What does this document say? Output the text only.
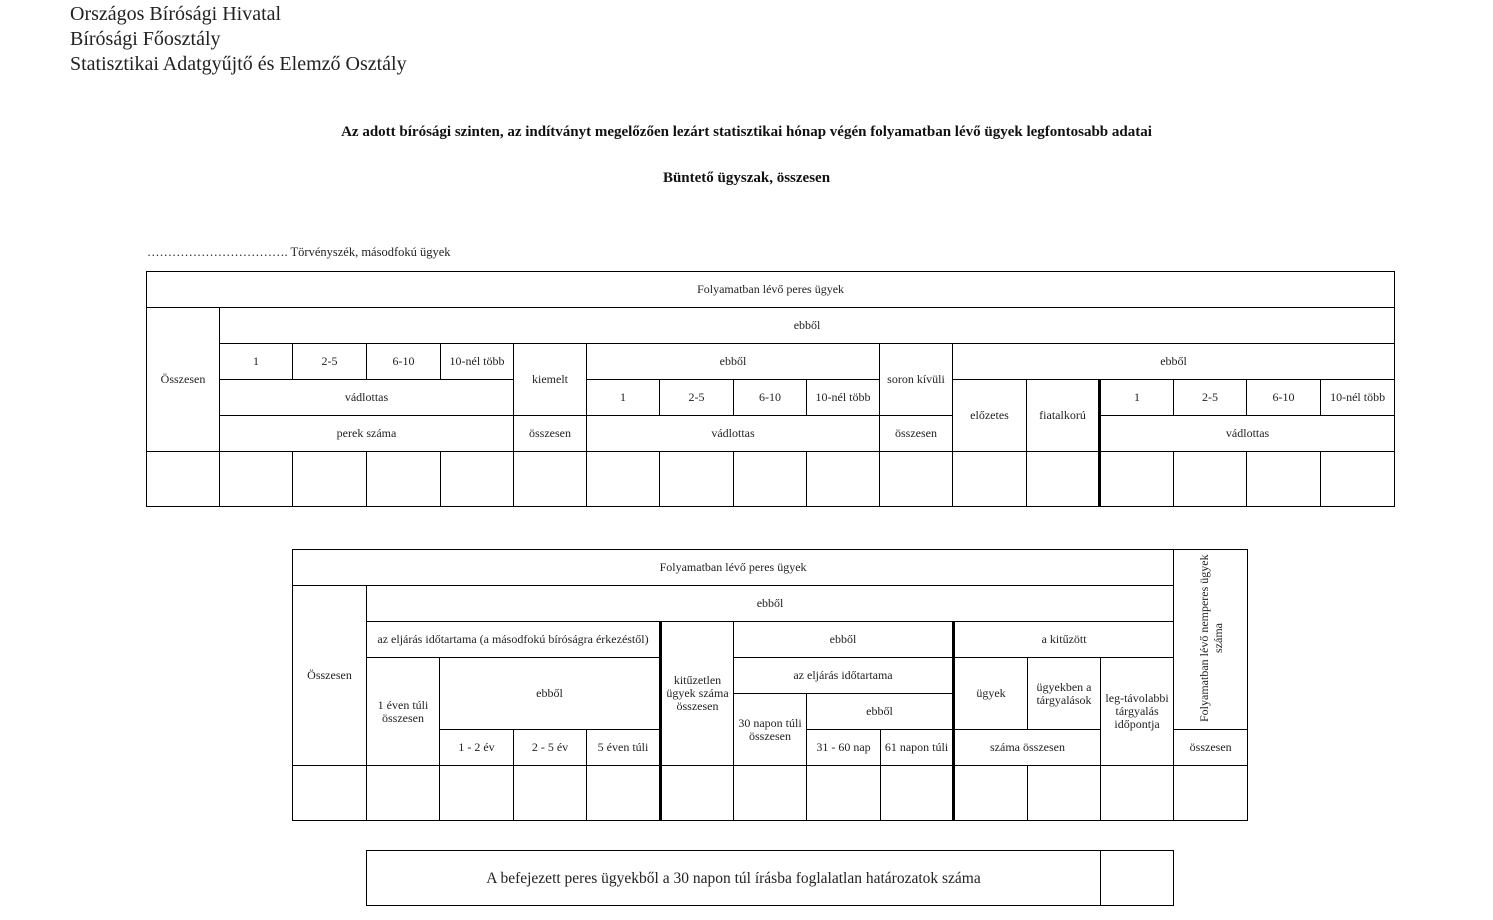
Országos Bírósági Hivatal
Bírósági Főosztály
Statisztikai Adatgyűjtő és Elemző Osztály
Az adott bírósági szinten, az indítványt megelőzően lezárt statisztikai hónap végén folyamatban lévő ügyek legfontosabb adatai
Büntető ügyszak, összesen
……………………………. Törvényszék, másodfokú ügyek
Folyamatban lévő peres ügyek																
Összesen	ebből															
	1	2-5	6-10	10-nél több	kiemelt	ebből				soron kívüli	ebből					
	vádlottas					1	2-5	6-10	10-nél több		előzetes	fiatalkorú	1	2-5	6-10	10-nél több
	perek száma				összesen	vádlottas				összesen			vádlottas			

Folyamatban lévő peres ügyek												Folyamatban lévő nemperes ügyek száma
Összesen	ebből											
	az eljárás időtartama (a másodfokú bíróságra érkezéstől)				kitűzetlen ügyek száma összesen	ebből			a kitűzött			
	1 éven túli összesen	ebből				az eljárás időtartama			ügyek	ügyekben a tárgyalások	leg-távolabbi tárgyalás időpontja	
						30 napon túli összesen	ebből					
		1 - 2 év	2 - 5 év	5 éven túli			31 - 60 nap	61 napon túli	száma összesen			összesen

A befejezett peres ügyekből a 30 napon túl írásba foglalatlan határozatok száma	
